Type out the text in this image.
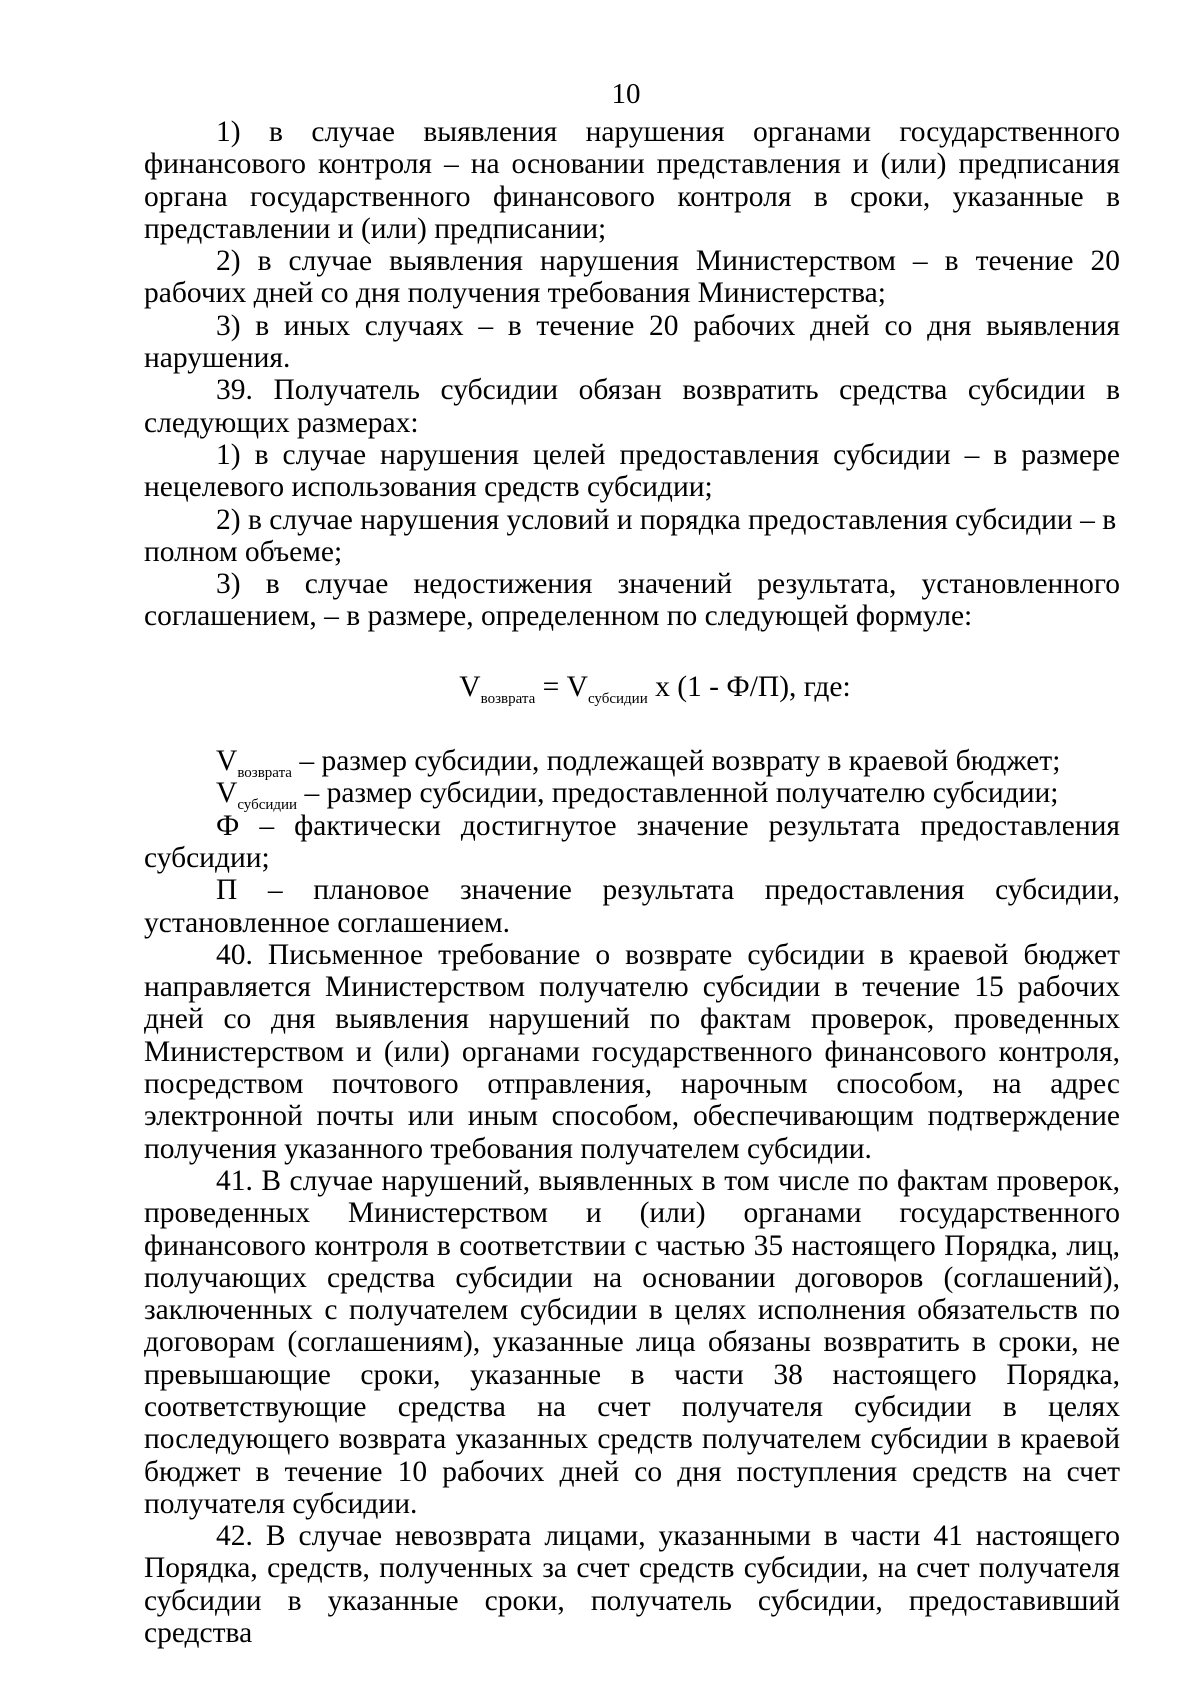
10

1) в случае выявления нарушения органами государственного финансового контроля – на основании представления и (или) предписания органа государственного финансового контроля в сроки, указанные в представлении и (или) предписании;

2) в случае выявления нарушения Министерством – в течение 20 рабочих дней со дня получения требования Министерства;

3) в иных случаях – в течение 20 рабочих дней со дня выявления нарушения.

39. Получатель субсидии обязан возвратить средства субсидии в следующих размерах:

1) в случае нарушения целей предоставления субсидии – в размере нецелевого использования средств субсидии;

2) в случае нарушения условий и порядка предоставления субсидии – в полном объеме;

3) в случае недостижения значений результата, установленного соглашением, – в размере, определенном по следующей формуле:

$V_{возврата} = V_{субсидии}$ х (1 - Ф/П), где:

$V_{возврата}$ – размер субсидии, подлежащей возврату в краевой бюджет;

$V_{субсидии}$ – размер субсидии, предоставленной получателю субсидии;

Ф – фактически достигнутое значение результата предоставления субсидии;

П – плановое значение результата предоставления субсидии, установленное соглашением.

40. Письменное требование о возврате субсидии в краевой бюджет направляется Министерством получателю субсидии в течение 15 рабочих дней со дня выявления нарушений по фактам проверок, проведенных Министерством и (или) органами государственного финансового контроля, посредством почтового отправления, нарочным способом, на адрес электронной почты или иным способом, обеспечивающим подтверждение получения указанного требования получателем субсидии.

41. В случае нарушений, выявленных в том числе по фактам проверок, проведенных Министерством и (или) органами государственного финансового контроля в соответствии с частью 35 настоящего Порядка, лиц, получающих средства субсидии на основании договоров (соглашений), заключенных с получателем субсидии в целях исполнения обязательств по договорам (соглашениям), указанные лица обязаны возвратить в сроки, не превышающие сроки, указанные в части 38 настоящего Порядка, соответствующие средства на счет получателя субсидии в целях последующего возврата указанных средств получателем субсидии в краевой бюджет в течение 10 рабочих дней со дня поступления средств на счет получателя субсидии.

42. В случае невозврата лицами, указанными в части 41 настоящего Порядка, средств, полученных за счет средств субсидии, на счет получателя субсидии в указанные сроки, получатель субсидии, предоставивший средства
